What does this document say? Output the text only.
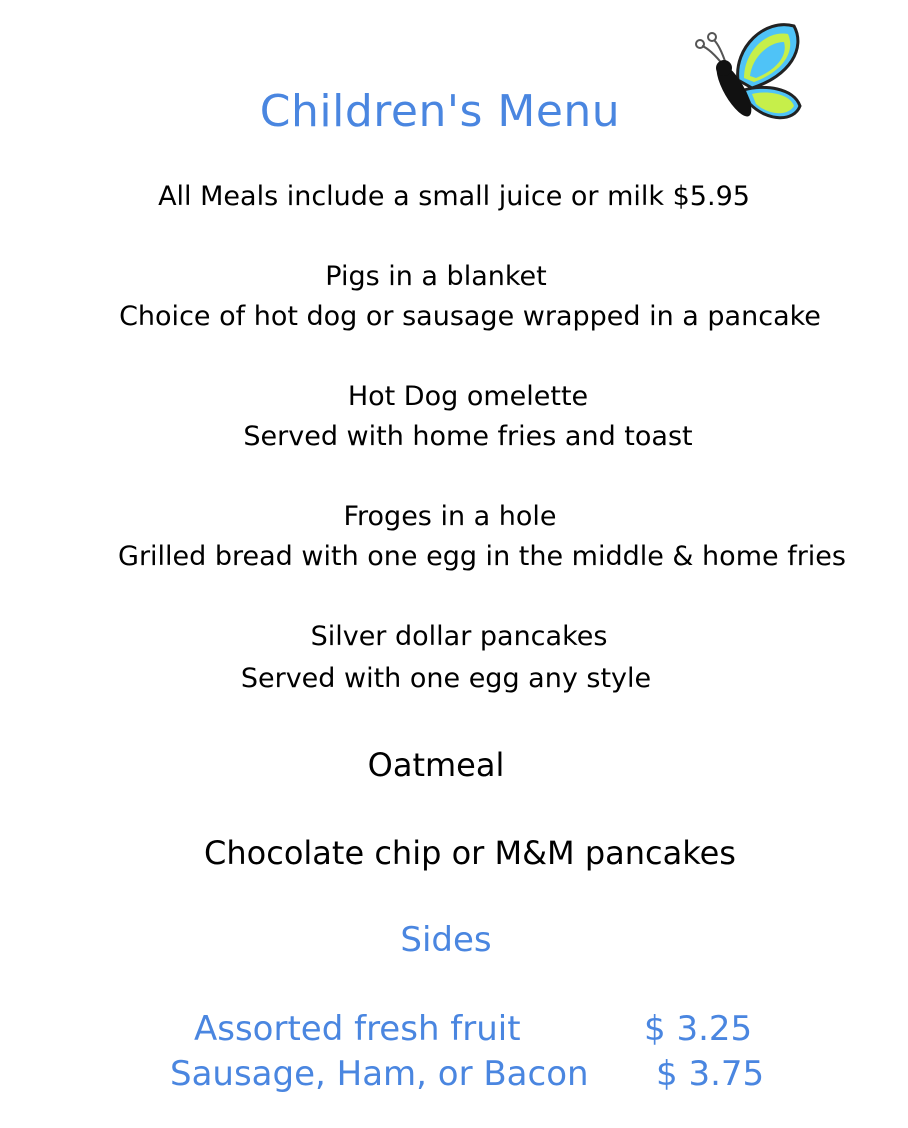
Children's Menu
All Meals include a small juice or milk $5.95
Pigs in a blanket
Choice of hot dog or sausage wrapped in a pancake
Hot Dog omelette
Served with home fries and toast
Froges in a hole
Grilled bread with one egg in the middle & home fries
Silver dollar pancakes
Served with one egg any style
Oatmeal
Chocolate chip or M&M pancakes
Sides
Assorted fresh fruit	$ 3.25
Sausage, Ham, or Bacon $ 3.75
